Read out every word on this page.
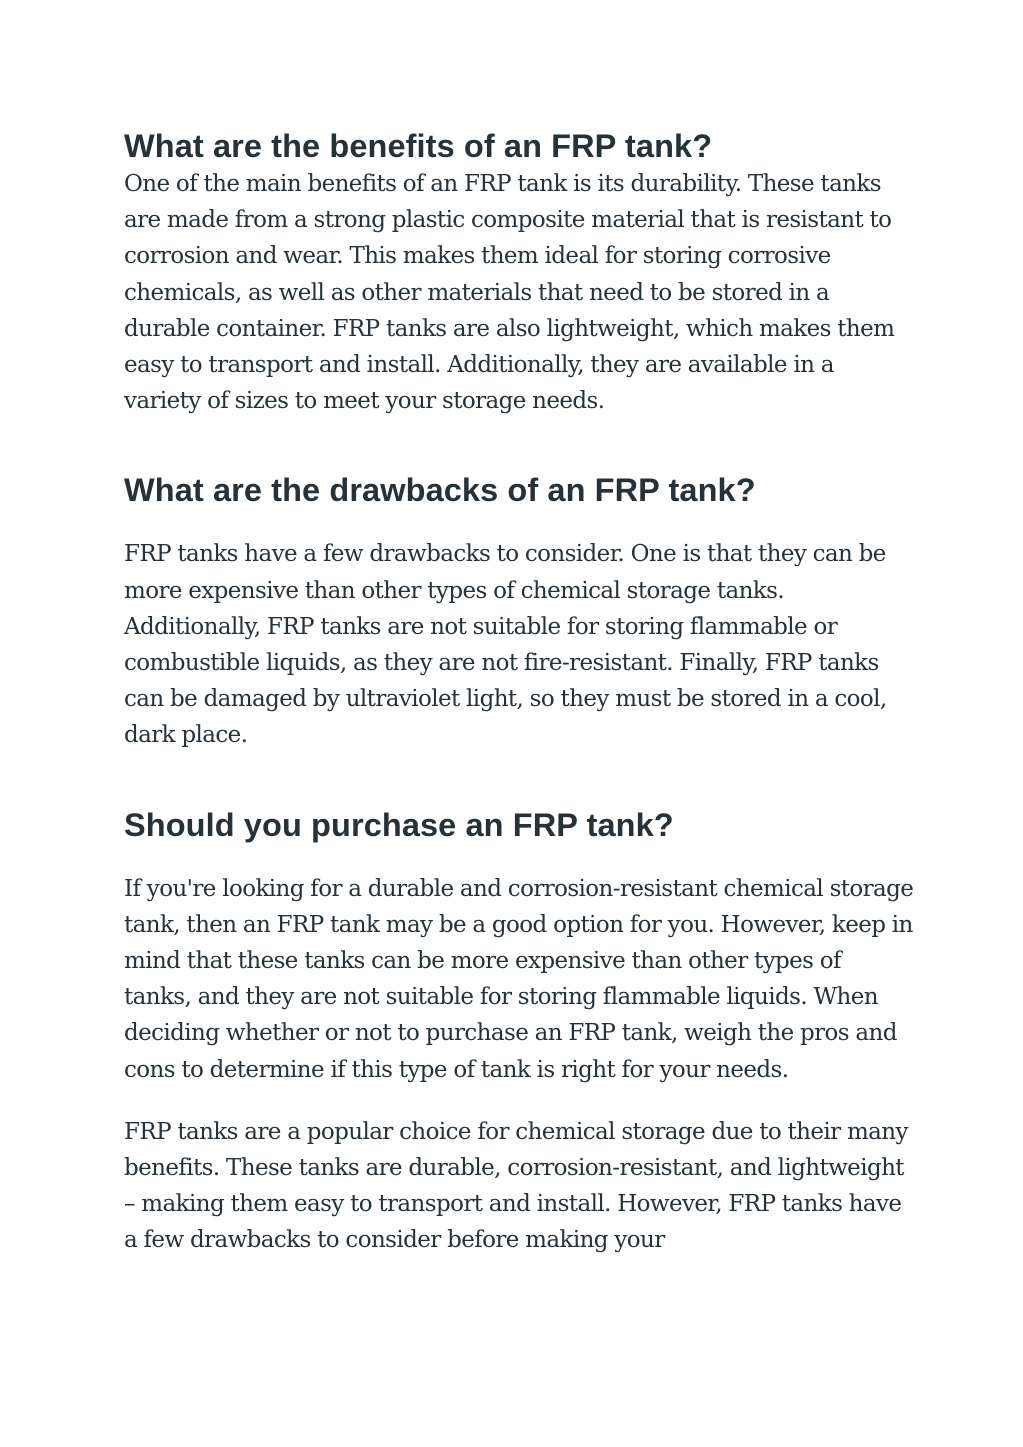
What are the benefits of an FRP tank?

One of the main benefits of an FRP tank is its durability. These tanks are made from a strong plastic composite material that is resistant to corrosion and wear. This makes them ideal for storing corrosive chemicals, as well as other materials that need to be stored in a durable container. FRP tanks are also lightweight, which makes them easy to transport and install. Additionally, they are available in a variety of sizes to meet your storage needs.

What are the drawbacks of an FRP tank?

FRP tanks have a few drawbacks to consider. One is that they can be more expensive than other types of chemical storage tanks. Additionally, FRP tanks are not suitable for storing flammable or combustible liquids, as they are not fire-resistant. Finally, FRP tanks can be damaged by ultraviolet light, so they must be stored in a cool, dark place.

Should you purchase an FRP tank?

If you're looking for a durable and corrosion-resistant chemical storage tank, then an FRP tank may be a good option for you. However, keep in mind that these tanks can be more expensive than other types of tanks, and they are not suitable for storing flammable liquids. When deciding whether or not to purchase an FRP tank, weigh the pros and cons to determine if this type of tank is right for your needs.

FRP tanks are a popular choice for chemical storage due to their many benefits. These tanks are durable, corrosion-resistant, and lightweight – making them easy to transport and install. However, FRP tanks have a few drawbacks to consider before making your
